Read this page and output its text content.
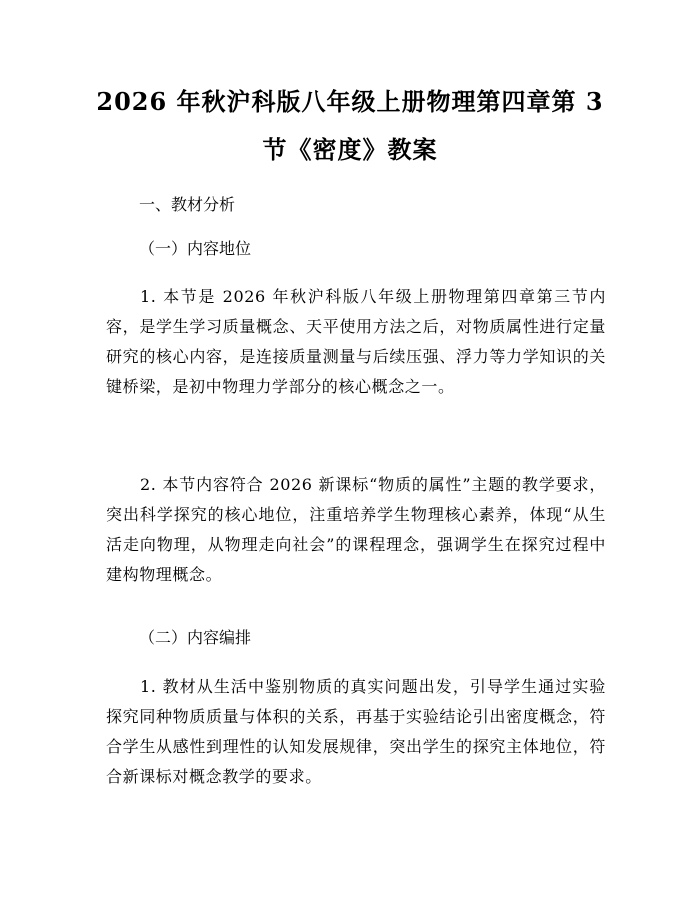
2026 年秋沪科版八年级上册物理第四章第 3
节《密度》教案

一、教材分析

（一）内容地位

1. 本节是 2026 年秋沪科版八年级上册物理第四章第三节内容，是学生学习质量概念、天平使用方法之后，对物质属性进行定量研究的核心内容，是连接质量测量与后续压强、浮力等力学知识的关键桥梁，是初中物理力学部分的核心概念之一。

2. 本节内容符合 2026 新课标“物质的属性”主题的教学要求，突出科学探究的核心地位，注重培养学生物理核心素养，体现“从生活走向物理，从物理走向社会”的课程理念，强调学生在探究过程中建构物理概念。

（二）内容编排

1. 教材从生活中鉴别物质的真实问题出发，引导学生通过实验探究同种物质质量与体积的关系，再基于实验结论引出密度概念，符合学生从感性到理性的认知发展规律，突出学生的探究主体地位，符合新课标对概念教学的要求。
